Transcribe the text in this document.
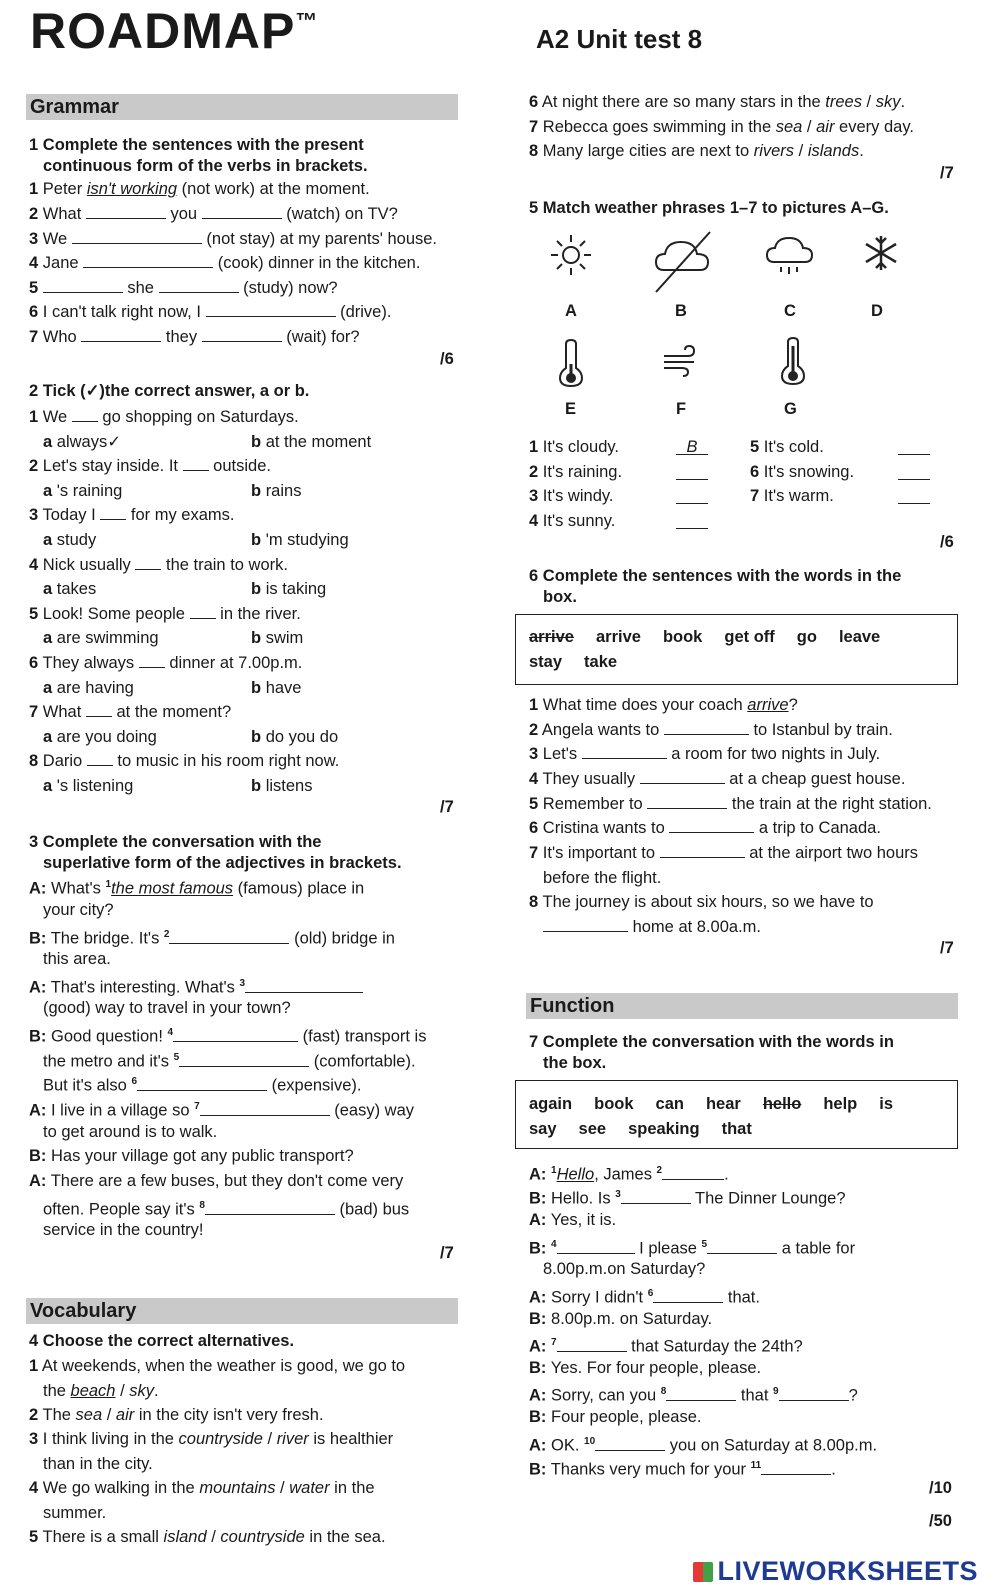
ROADMAP™
A2 Unit test 8
Grammar
1 Complete the sentences with the present
continuous form of the verbs in brackets.
1 Peter isn't working (not work) at the moment.
2 What	you	(watch) on TV?
3 We	(not stay) at my parents' house.
4 Jane	(cook) dinner in the kitchen.
5	she	(study) now?
6 I can't talk right now, I	(drive).
7 Who	they	(wait) for?
/6
2 Tick (✓)the correct answer, a or b.
1 We  go shopping on Saturdays.
a always✓	b at the moment
2 Let's stay inside. It  outside.
a 's raining	b rains
3 Today I  for my exams.
a study	b 'm studying
4 Nick usually  the train to work.
a takes	b is taking
5 Look! Some people  in the river.
a are swimming	b swim
6 They always  dinner at 7.00p.m.
a are having	b have
7 What  at the moment?
a are you doing	b do you do
8 Dario  to music in his room right now.
a 's listening	b listens
/7
3 Complete the conversation with the
superlative form of the adjectives in brackets.
A: What's $^1$the most famous (famous) place in
your city?
B: The bridge. It's $^2$	(old) bridge in
this area.
A: That's interesting. What's $^3$
(good) way to travel in your town?
B: Good question! $^4$	(fast) transport is
the metro and it's $^5$	(comfortable).
But it's also $^6$	(expensive).
A: I live in a village so $^7$	(easy) way
to get around is to walk.
B: Has your village got any public transport?
A: There are a few buses, but they don't come very
often. People say it's $^8$	(bad) bus
service in the country!
/7
Vocabulary
4 Choose the correct alternatives.
1 At weekends, when the weather is good, we go to
the beach / sky.
2 The sea / air in the city isn't very fresh.
3 I think living in the countryside / river is healthier
than in the city.
4 We go walking in the mountains / water in the
summer.
5 There is a small island / countryside in the sea.
6 At night there are so many stars in the trees / sky.
7 Rebecca goes swimming in the sea / air every day.
8 Many large cities are next to rivers / islands.
/7
5 Match weather phrases 1–7 to pictures A–G.
A	B	C	D
E	F	G
1 It's cloudy.	B
2 It's raining.
3 It's windy.
4 It's sunny.
5 It's cold.
6 It's snowing.
7 It's warm.
/6
6 Complete the sentences with the words in the
box.
arrive arrive book get off go leave
stay take
1 What time does your coach arrive?
2 Angela wants to	to Istanbul by train.
3 Let's	a room for two nights in July.
4 They usually	at a cheap guest house.
5 Remember to	the train at the right station.
6 Cristina wants to	a trip to Canada.
7 It's important to	at the airport two hours
before the flight.
8 The journey is about six hours, so we have to
home at 8.00a.m.
/7
Function
7 Complete the conversation with the words in
the box.
again book can hear hello help is
say see speaking that
A: $^1$Hello, James $^2$	.
B: Hello. Is $^3$	The Dinner Lounge?
A: Yes, it is.
B: $^4$	I please $^5$	a table for
8.00p.m.on Saturday?
A: Sorry I didn't $^6$	that.
B: 8.00p.m. on Saturday.
A: $^7$	that Saturday the 24th?
B: Yes. For four people, please.
A: Sorry, can you $^8$	that $^9$	?
B: Four people, please.
A: OK. $^{10}$	you on Saturday at 8.00p.m.
B: Thanks very much for your $^{11}$	.
/10
/50
LIVEWORKSHEETS
